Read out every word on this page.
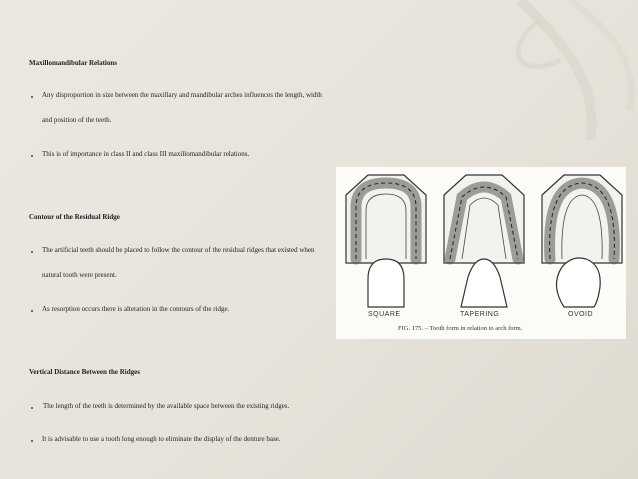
Maxillomandibular Relations
Any disproportion in size between the maxillary and mandibular arches influences the length, width
and position of the teeth.
This is of importance in class II and class III maxillomandibular relations.
Contour of the Residual Ridge
The artificial teeth should be placed to follow the contour of the residual ridges that existed when
natural tooth were present.
As resorption occurs there is alteration in the contours of the ridge.
Vertical Distance Between the Ridges
The length of the teeth is determined by the available space between the existing ridges.
It is advisable to use a tooth long enough to eliminate the display of the denture base.
SQUARE	TAPERING	OVOID
FIG. 175. – Tooth form in relation to arch form.
